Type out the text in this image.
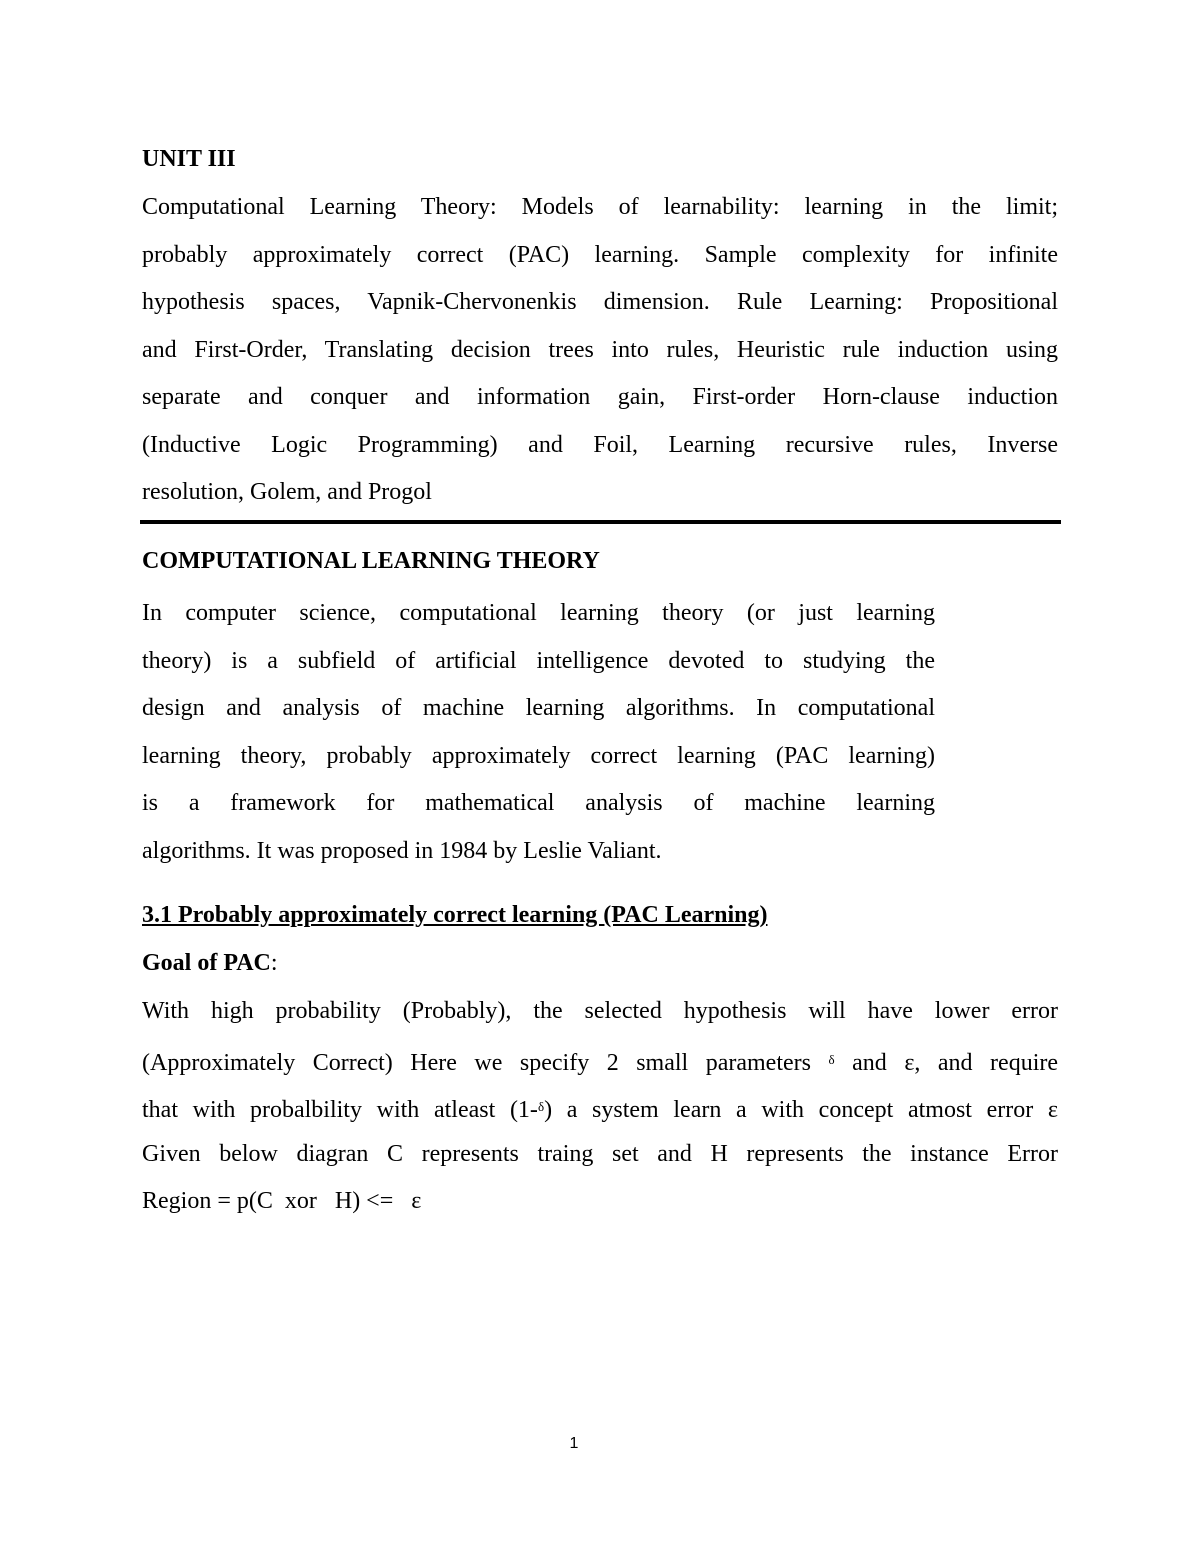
UNIT III
Computational Learning Theory: Models of learnability: learning in the limit;
probably approximately correct (PAC) learning. Sample complexity for infinite
hypothesis spaces, Vapnik-Chervonenkis dimension. Rule Learning: Propositional
and First-Order, Translating decision trees into rules, Heuristic rule induction using
separate and conquer and information gain, First-order Horn-clause induction
(Inductive Logic Programming) and Foil, Learning recursive rules, Inverse
resolution, Golem, and Progol
COMPUTATIONAL LEARNING THEORY
In computer science, computational learning theory (or just learning
theory) is a subfield of artificial intelligence devoted to studying the
design and analysis of machine learning algorithms. In computational
learning theory, probably approximately correct learning (PAC learning)
is a framework for mathematical analysis of machine learning
algorithms. It was proposed in 1984 by Leslie Valiant.
3.1 Probably approximately correct learning (PAC Learning)
Goal of PAC:
With high probability (Probably), the selected hypothesis will have lower error
(Approximately Correct) Here we specify 2 small parameters $^\delta$ and ε, and require
that with probalbility with atleast (1-$^\delta$) a system learn a with concept atmost error ε
Given below diagran C represents traing set and H represents the instance Error
Region = p(C  xor   H) <=   ε
1
